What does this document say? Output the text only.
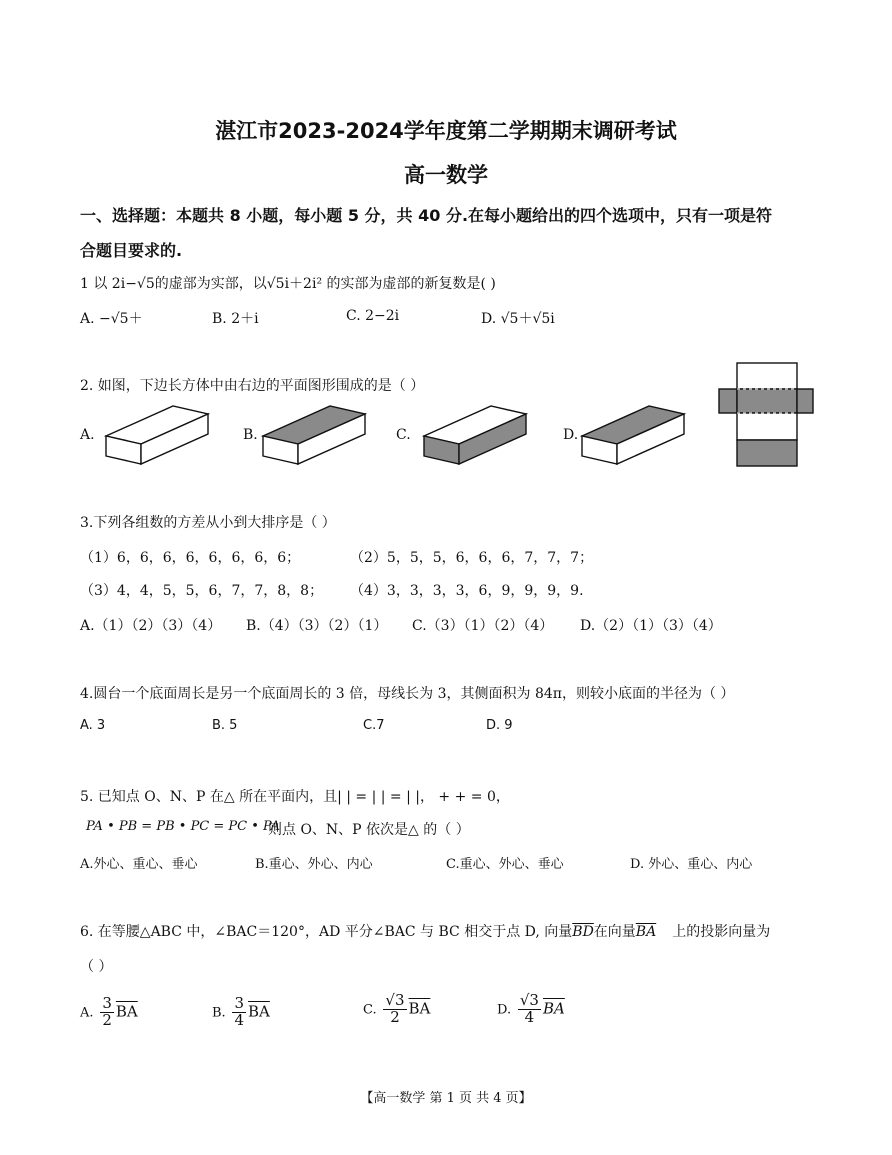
湛江市2023-2024学年度第二学期期末调研考试
高一数学
一、选择题：本题共 8 小题，每小题 5 分，共 40 分.在每小题给出的四个选项中，只有一项是符
合题目要求的.
1 以 2i−√5的虚部为实部，以√5i＋2i² 的实部为虚部的新复数是( )
A. −√5＋	B. 2＋i	C. 2−2i	D. √5＋√5i
2. 如图，下边长方体中由右边的平面图形围成的是（ ）
A.	B.	C.	D.
3.下列各组数的方差从小到大排序是（ ）
（1）6，6，6，6，6，6，6，6；	（2）5，5，5，6，6，6，7，7，7；
（3）4，4，5，5，6，7，7，8，8； （4）3，3，3，3，6，9，9，9，9.
A.（1）（2）（3）（4） B.（4）（3）（2）（1） C.（3）（1）（2）（4） D.（2）（1）（3）（4）
4.圆台一个底面周长是另一个底面周长的 3 倍，母线长为 3，其侧面积为 84π，则较小底面的半径为（ ）
A. 3	B. 5	C.7	D. 9
5. 已知点 O、N、P 在△ 所在平面内，且| | = | | = | |， + + = 0，
PA • PB = PB • PC = PC • PA
则点 O、N、P 依次是△ 的（ ）
A.外心、重心、垂心	B.重心、外心、内心	C.重心、外心、垂心	D. 外心、重心、内心
6. 在等腰△ABC 中，∠BAC＝120°，AD 平分∠BAC 与 BC 相交于点 D, 向量$\overline{BD}$在向量$\overline{BA}$ 上的投影向量为
（ ）
A. $\frac{3}{2} \overline{BA}$	B. $\frac{3}{4} \overline{BA}$	C. $\frac{√3}{2} \overline{BA}$	D. $\frac{√3}{4} \overline{BA}$
【高一数学 第 1 页 共 4 页】
